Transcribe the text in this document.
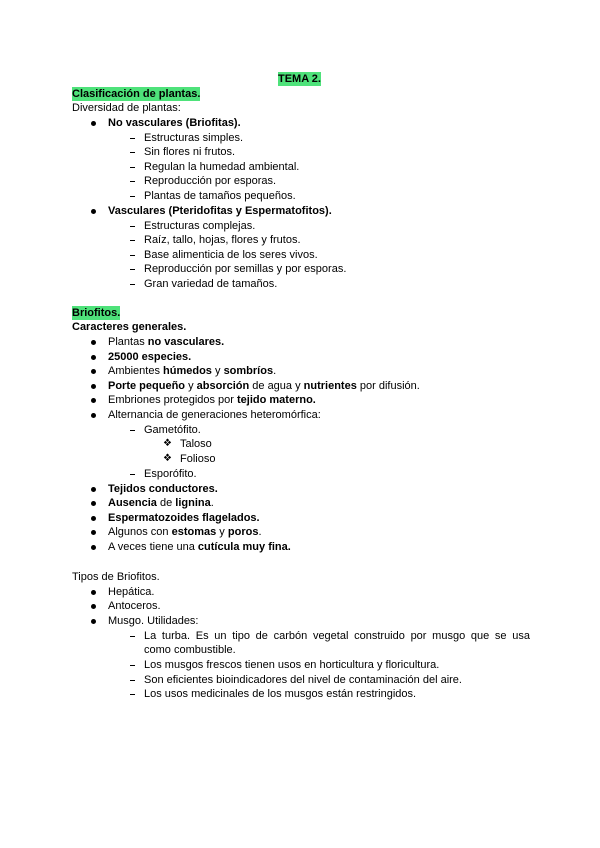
TEMA 2.
Clasificación de plantas.
Diversidad de plantas:
No vasculares (Briofitas).
Estructuras simples.
Sin flores ni frutos.
Regulan la humedad ambiental.
Reproducción por esporas.
Plantas de tamaños pequeños.
Vasculares (Pteridofitas y Espermatofitos).
Estructuras complejas.
Raíz, tallo, hojas, flores y frutos.
Base alimenticia de los seres vivos.
Reproducción por semillas y por esporas.
Gran variedad de tamaños.
Briofitos.
Caracteres generales.
Plantas no vasculares.
25000 especies.
Ambientes húmedos y sombríos.
Porte pequeño y absorción de agua y nutrientes por difusión.
Embriones protegidos por tejido materno.
Alternancia de generaciones heteromórfica:
Gametófito.
❖ Taloso
❖ Folioso
Esporófito.
Tejidos conductores.
Ausencia de lignina.
Espermatozoides flagelados.
Algunos con estomas y poros.
A veces tiene una cutícula muy fina.
Tipos de Briofitos.
Hepática.
Antoceros.
Musgo. Utilidades:
La turba. Es un tipo de carbón vegetal construido por musgo que se usa
como combustible.
Los musgos frescos tienen usos en horticultura y floricultura.
Son eficientes bioindicadores del nivel de contaminación del aire.
Los usos medicinales de los musgos están restringidos.
